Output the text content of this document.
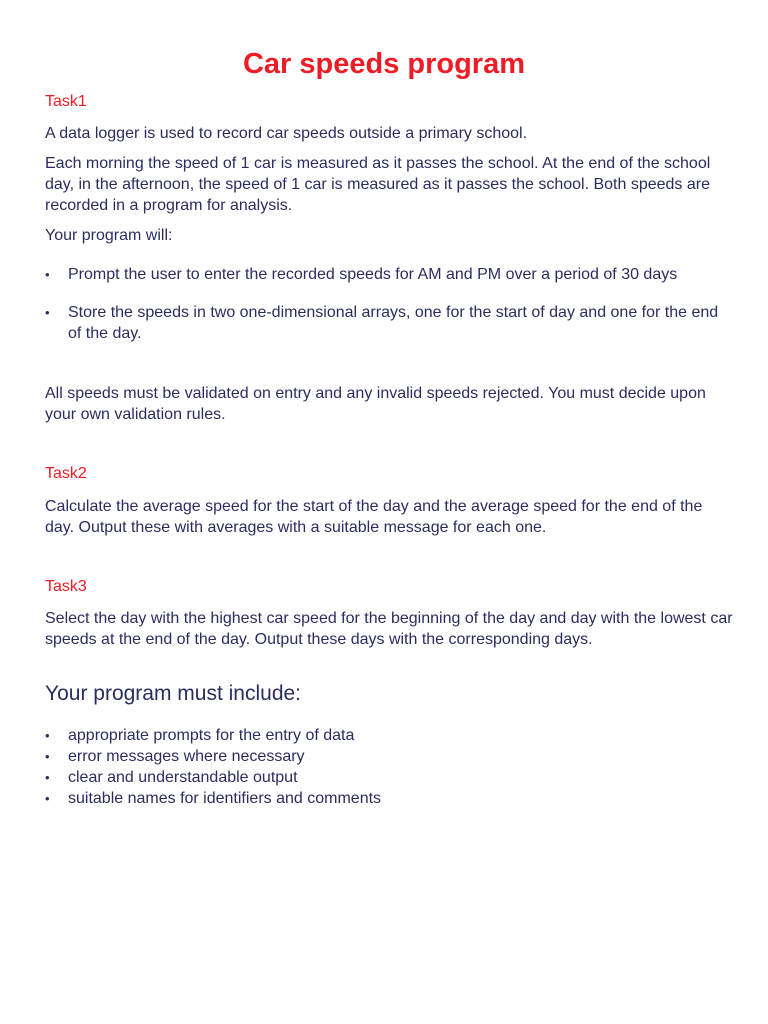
Car speeds program
Task1

A data logger is used to record car speeds outside a primary school.

Each morning the speed of 1 car is measured as it passes the school. At the end of the school day, in the afternoon, the speed of 1 car is measured as it passes the school. Both speeds are recorded in a program for analysis.

Your program will:

• Prompt the user to enter the recorded speeds for AM and PM over a period of 30 days
• Store the speeds in two one-dimensional arrays, one for the start of day and one for the end of the day.

All speeds must be validated on entry and any invalid speeds rejected. You must decide upon your own validation rules.

Task2

Calculate the average speed for the start of the day and the average speed for the end of the day. Output these with averages with a suitable message for each one.

Task3

Select the day with the highest car speed for the beginning of the day and day with the lowest car speeds at the end of the day. Output these days with the corresponding days.

Your program must include:
• appropriate prompts for the entry of data
• error messages where necessary
• clear and understandable output
• suitable names for identifiers and comments
